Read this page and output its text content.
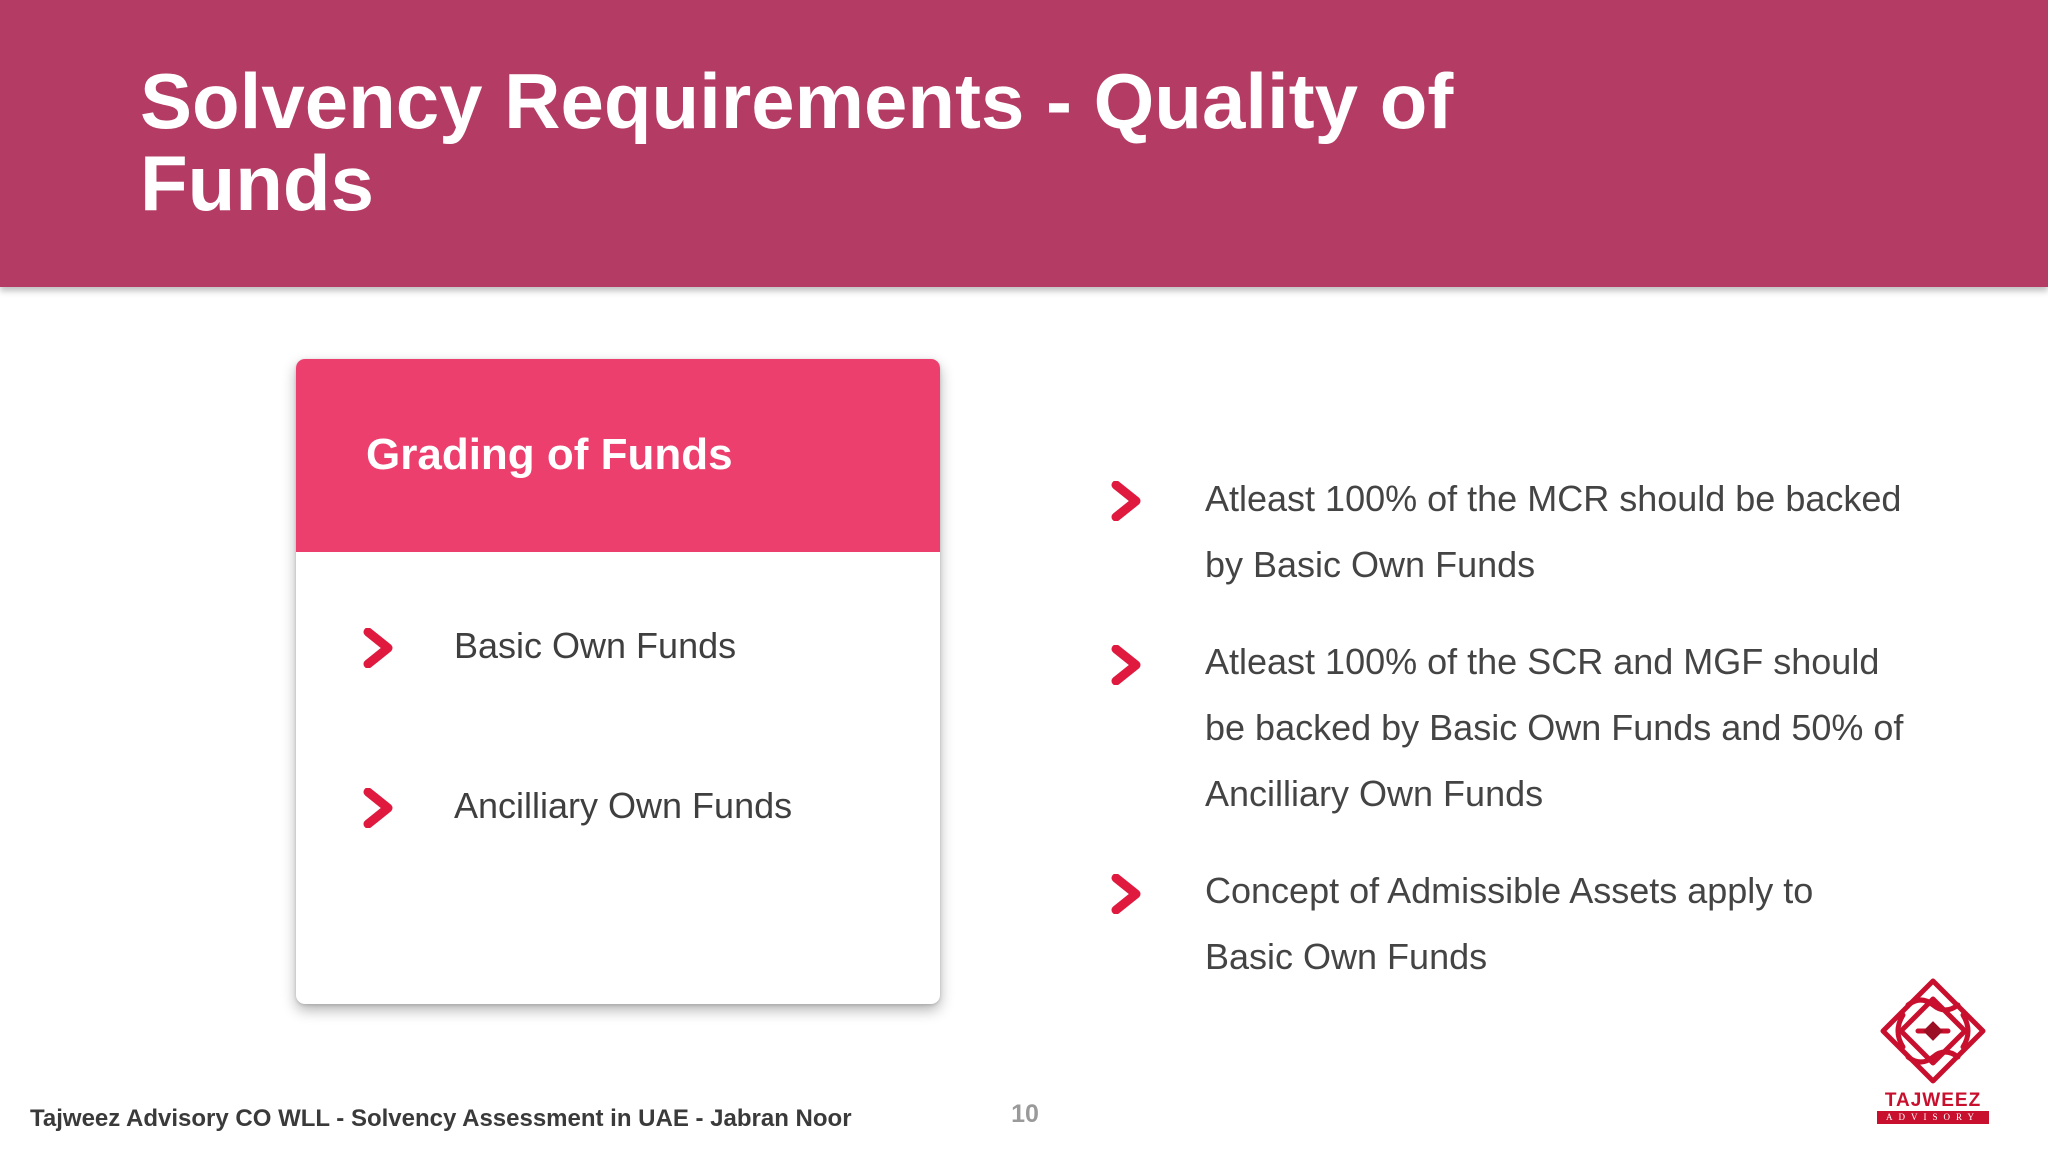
Solvency Requirements - Quality of Funds
Grading of Funds
Basic Own Funds
Ancilliary Own Funds
Atleast 100% of the MCR should be backed by Basic Own Funds
Atleast 100% of the SCR and MGF should be backed by Basic Own Funds and 50% of Ancilliary Own Funds
Concept of Admissible Assets apply to Basic Own Funds
Tajweez Advisory CO WLL - Solvency Assessment in UAE - Jabran Noor	10	TAJWEEZ
ADVISORY
